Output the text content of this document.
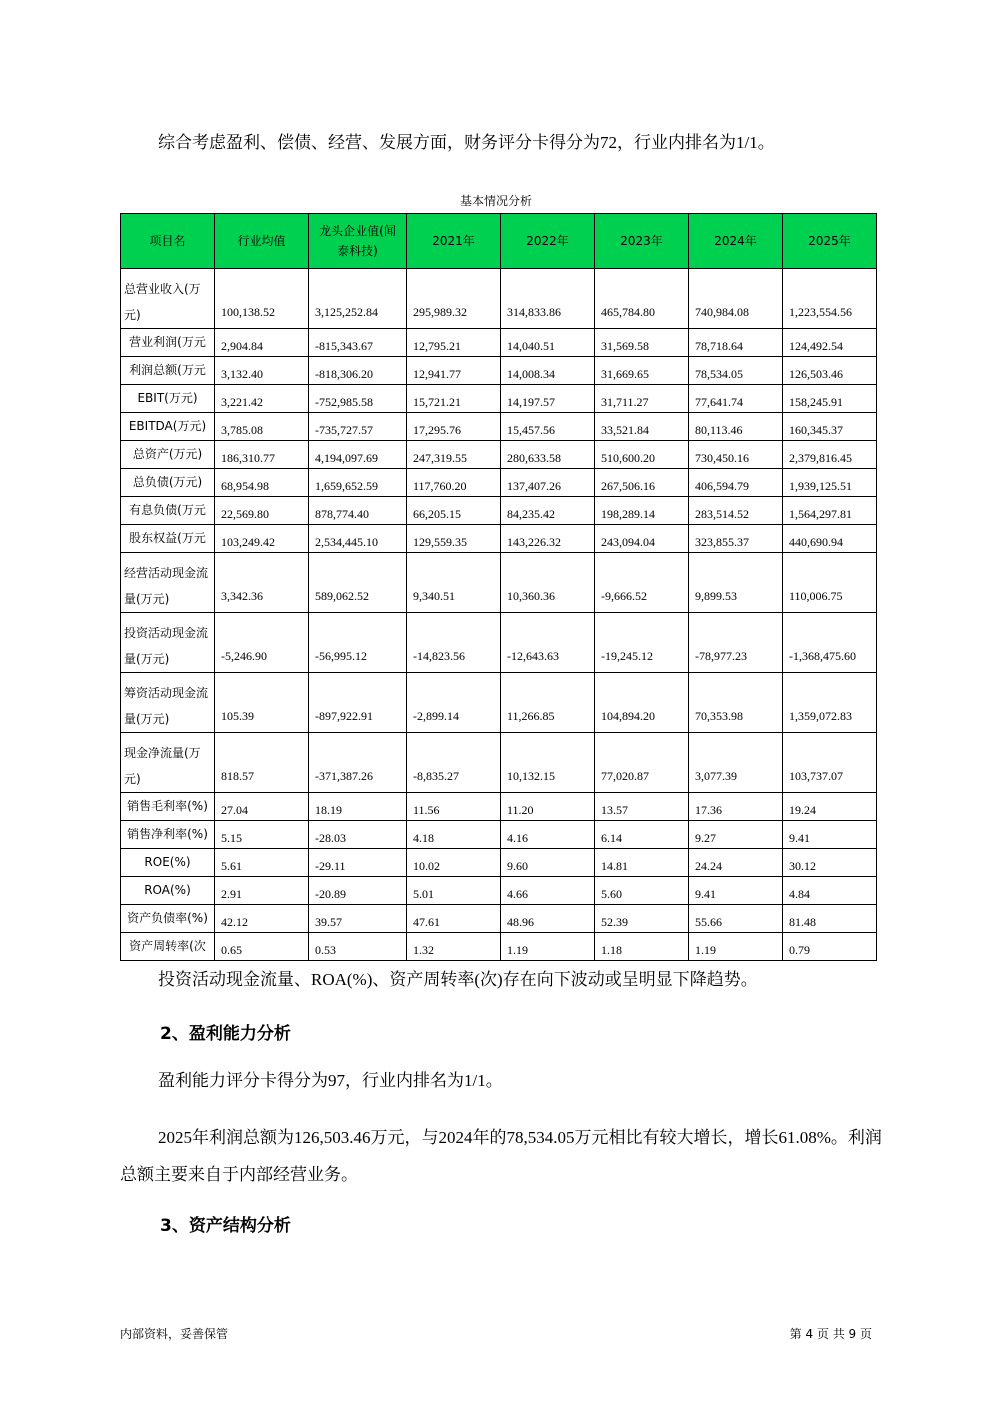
综合考虑盈利、偿债、经营、发展方面，财务评分卡得分为72，行业内排名为1/1。
基本情况分析
项目名	行业均值	龙头企业值(闻泰科技)	2021年	2022年	2023年	2024年	2025年
总营业收入(万元)	100,138.52	3,125,252.84	295,989.32	314,833.86	465,784.80	740,984.08	1,223,554.56
营业利润(万元	2,904.84	-815,343.67	12,795.21	14,040.51	31,569.58	78,718.64	124,492.54
利润总额(万元	3,132.40	-818,306.20	12,941.77	14,008.34	31,669.65	78,534.05	126,503.46
EBIT(万元)	3,221.42	-752,985.58	15,721.21	14,197.57	31,711.27	77,641.74	158,245.91
EBITDA(万元)	3,785.08	-735,727.57	17,295.76	15,457.56	33,521.84	80,113.46	160,345.37
总资产(万元)	186,310.77	4,194,097.69	247,319.55	280,633.58	510,600.20	730,450.16	2,379,816.45
总负债(万元)	68,954.98	1,659,652.59	117,760.20	137,407.26	267,506.16	406,594.79	1,939,125.51
有息负债(万元	22,569.80	878,774.40	66,205.15	84,235.42	198,289.14	283,514.52	1,564,297.81
股东权益(万元	103,249.42	2,534,445.10	129,559.35	143,226.32	243,094.04	323,855.37	440,690.94
经营活动现金流量(万元)	3,342.36	589,062.52	9,340.51	10,360.36	-9,666.52	9,899.53	110,006.75
投资活动现金流量(万元)	-5,246.90	-56,995.12	-14,823.56	-12,643.63	-19,245.12	-78,977.23	-1,368,475.60
筹资活动现金流量(万元)	105.39	-897,922.91	-2,899.14	11,266.85	104,894.20	70,353.98	1,359,072.83
现金净流量(万元)	818.57	-371,387.26	-8,835.27	10,132.15	77,020.87	3,077.39	103,737.07
销售毛利率(%)	27.04	18.19	11.56	11.20	13.57	17.36	19.24
销售净利率(%)	5.15	-28.03	4.18	4.16	6.14	9.27	9.41
ROE(%)	5.61	-29.11	10.02	9.60	14.81	24.24	30.12
ROA(%)	2.91	-20.89	5.01	4.66	5.60	9.41	4.84
资产负债率(%)	42.12	39.57	47.61	48.96	52.39	55.66	81.48
资产周转率(次	0.65	0.53	1.32	1.19	1.18	1.19	0.79
投资活动现金流量、ROA(%)、资产周转率(次)存在向下波动或呈明显下降趋势。
2、盈利能力分析
盈利能力评分卡得分为97，行业内排名为1/1。
2025年利润总额为126,503.46万元，与2024年的78,534.05万元相比有较大增长，增长61.08%。利润总额主要来自于内部经营业务。
3、资产结构分析
内部资料，妥善保管	第 4 页 共 9 页
